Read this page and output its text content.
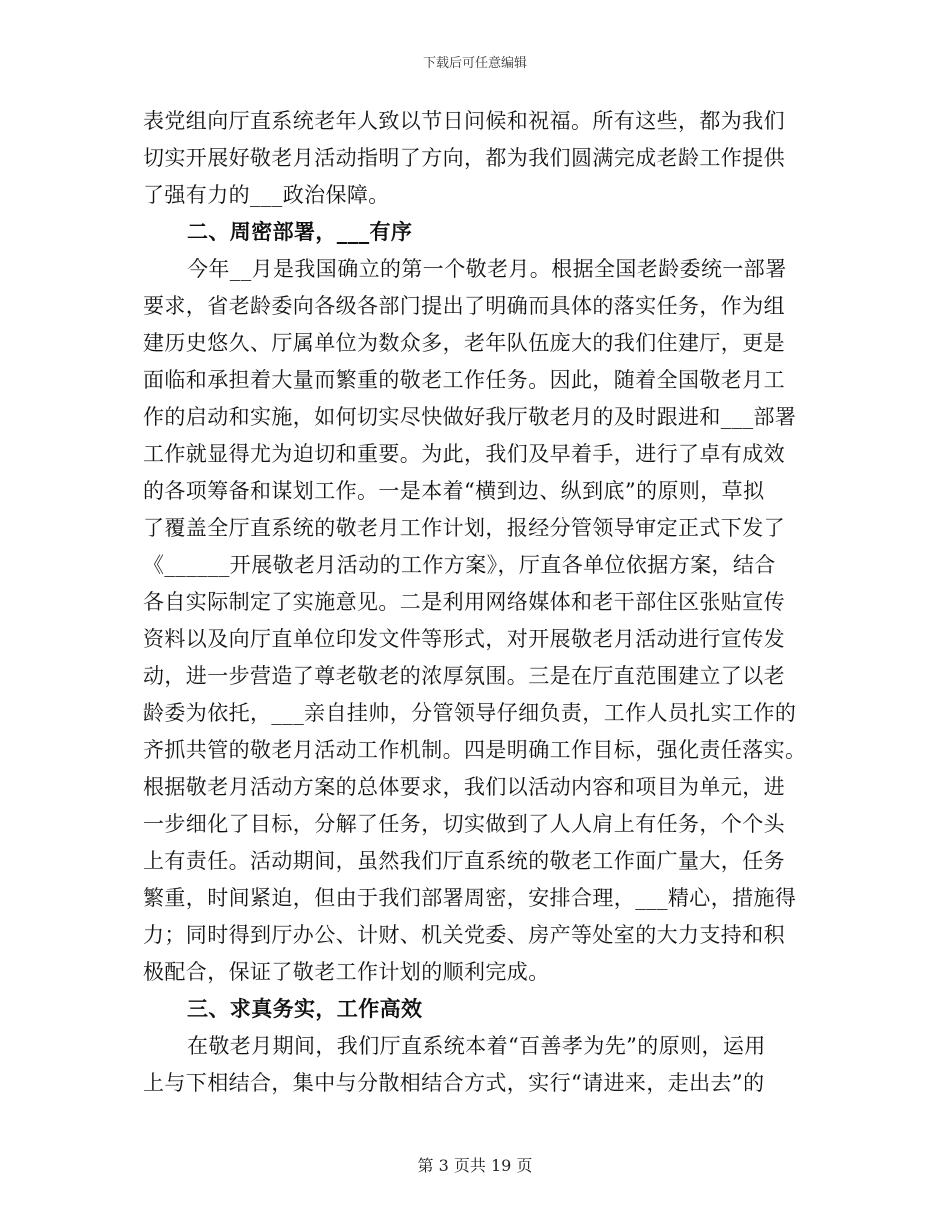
下载后可任意编辑
表党组向厅直系统老年人致以节日问候和祝福。所有这些，都为我们
切实开展好敬老月活动指明了方向，都为我们圆满完成老龄工作提供
了强有力的___政治保障。
二、周密部署，___有序
今年__月是我国确立的第一个敬老月。根据全国老龄委统一部署
要求，省老龄委向各级各部门提出了明确而具体的落实任务，作为组
建历史悠久、厅属单位为数众多，老年队伍庞大的我们住建厅，更是
面临和承担着大量而繁重的敬老工作任务。因此，随着全国敬老月工
作的启动和实施，如何切实尽快做好我厅敬老月的及时跟进和___部署
工作就显得尤为迫切和重要。为此，我们及早着手，进行了卓有成效
的各项筹备和谋划工作。一是本着“横到边、纵到底”的原则，草拟
了覆盖全厅直系统的敬老月工作计划，报经分管领导审定正式下发了
《______开展敬老月活动的工作方案》，厅直各单位依据方案，结合
各自实际制定了实施意见。二是利用网络媒体和老干部住区张贴宣传
资料以及向厅直单位印发文件等形式，对开展敬老月活动进行宣传发
动，进一步营造了尊老敬老的浓厚氛围。三是在厅直范围建立了以老
龄委为依托，___亲自挂帅，分管领导仔细负责，工作人员扎实工作的
齐抓共管的敬老月活动工作机制。四是明确工作目标，强化责任落实。
根据敬老月活动方案的总体要求，我们以活动内容和项目为单元，进
一步细化了目标，分解了任务，切实做到了人人肩上有任务，个个头
上有责任。活动期间，虽然我们厅直系统的敬老工作面广量大，任务
繁重，时间紧迫，但由于我们部署周密，安排合理，___精心，措施得
力；同时得到厅办公、计财、机关党委、房产等处室的大力支持和积
极配合，保证了敬老工作计划的顺利完成。
三、求真务实，工作高效
在敬老月期间，我们厅直系统本着“百善孝为先”的原则，运用
上与下相结合，集中与分散相结合方式，实行“请进来，走出去”的
第 3 页共 19 页
